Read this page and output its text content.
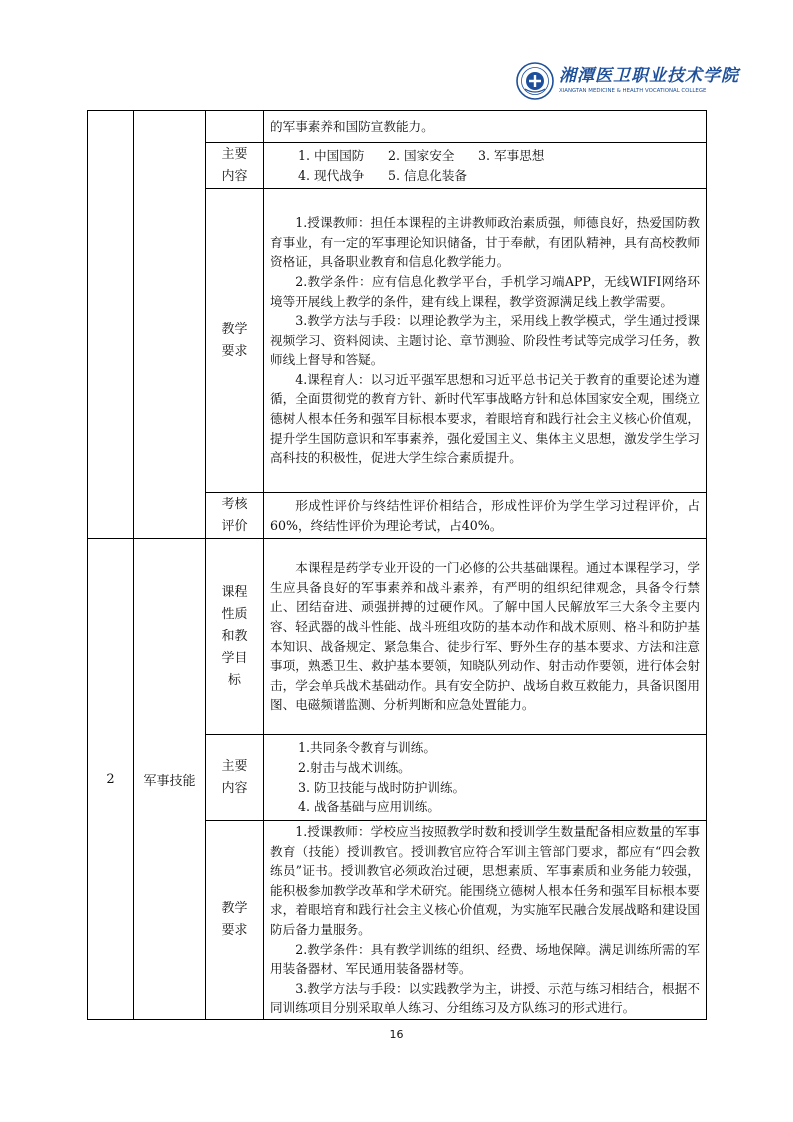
湘潭医卫职业技术学院
XIANGTAN MEDICINE & HEALTH VOCATIONAL COLLEGE

			的军事素养和国防宣教能力。

		主要内容	1. 中国国防 2. 国家安全 3. 军事思想
4. 现代战争 5. 信息化装备

		教学要求	1.授课教师：担任本课程的主讲教师政治素质强，师德良好，热爱国防教育事业，有一定的军事理论知识储备，甘于奉献，有团队精神，具有高校教师资格证，具备职业教育和信息化教学能力。

2.教学条件：应有信息化教学平台，手机学习端APP，无线WIFI网络环境等开展线上教学的条件，建有线上课程，教学资源满足线上教学需要。

3.教学方法与手段：以理论教学为主，采用线上教学模式，学生通过授课视频学习、资料阅读、主题讨论、章节测验、阶段性考试等完成学习任务，教师线上督导和答疑。

4.课程育人：以习近平强军思想和习近平总书记关于教育的重要论述为遵循，全面贯彻党的教育方针、新时代军事战略方针和总体国家安全观，围绕立德树人根本任务和强军目标根本要求，着眼培育和践行社会主义核心价值观，提升学生国防意识和军事素养，强化爱国主义、集体主义思想，激发学生学习高科技的积极性，促进大学生综合素质提升。

		考核评价	形成性评价与终结性评价相结合，形成性评价为学生学习过程评价，占60%，终结性评价为理论考试，占40%。

2	军事技能	课程性质和教学目标	本课程是药学专业开设的一门必修的公共基础课程。通过本课程学习，学生应具备良好的军事素养和战斗素养，有严明的组织纪律观念，具备令行禁止、团结奋进、顽强拼搏的过硬作风。了解中国人民解放军三大条令主要内容、轻武器的战斗性能、战斗班组攻防的基本动作和战术原则、格斗和防护基本知识、战备规定、紧急集合、徒步行军、野外生存的基本要求、方法和注意事项，熟悉卫生、救护基本要领，知晓队列动作、射击动作要领，进行体会射击，学会单兵战术基础动作。具有安全防护、战场自救互救能力，具备识图用图、电磁频谱监测、分析判断和应急处置能力。

		主要内容	1.共同条令教育与训练。

2.射击与战术训练。

3. 防卫技能与战时防护训练。

4. 战备基础与应用训练。

		教学要求	1.授课教师：学校应当按照教学时数和授训学生数量配备相应数量的军事教育（技能）授训教官。授训教官应符合军训主管部门要求，都应有“四会教练员”证书。授训教官必须政治过硬，思想素质、军事素质和业务能力较强，能积极参加教学改革和学术研究。能围绕立德树人根本任务和强军目标根本要求，着眼培育和践行社会主义核心价值观，为实施军民融合发展战略和建设国防后备力量服务。

2.教学条件：具有教学训练的组织、经费、场地保障。满足训练所需的军用装备器材、军民通用装备器材等。

3.教学方法与手段：以实践教学为主，讲授、示范与练习相结合，根据不同训练项目分别采取单人练习、分组练习及方队练习的形式进行。

16
